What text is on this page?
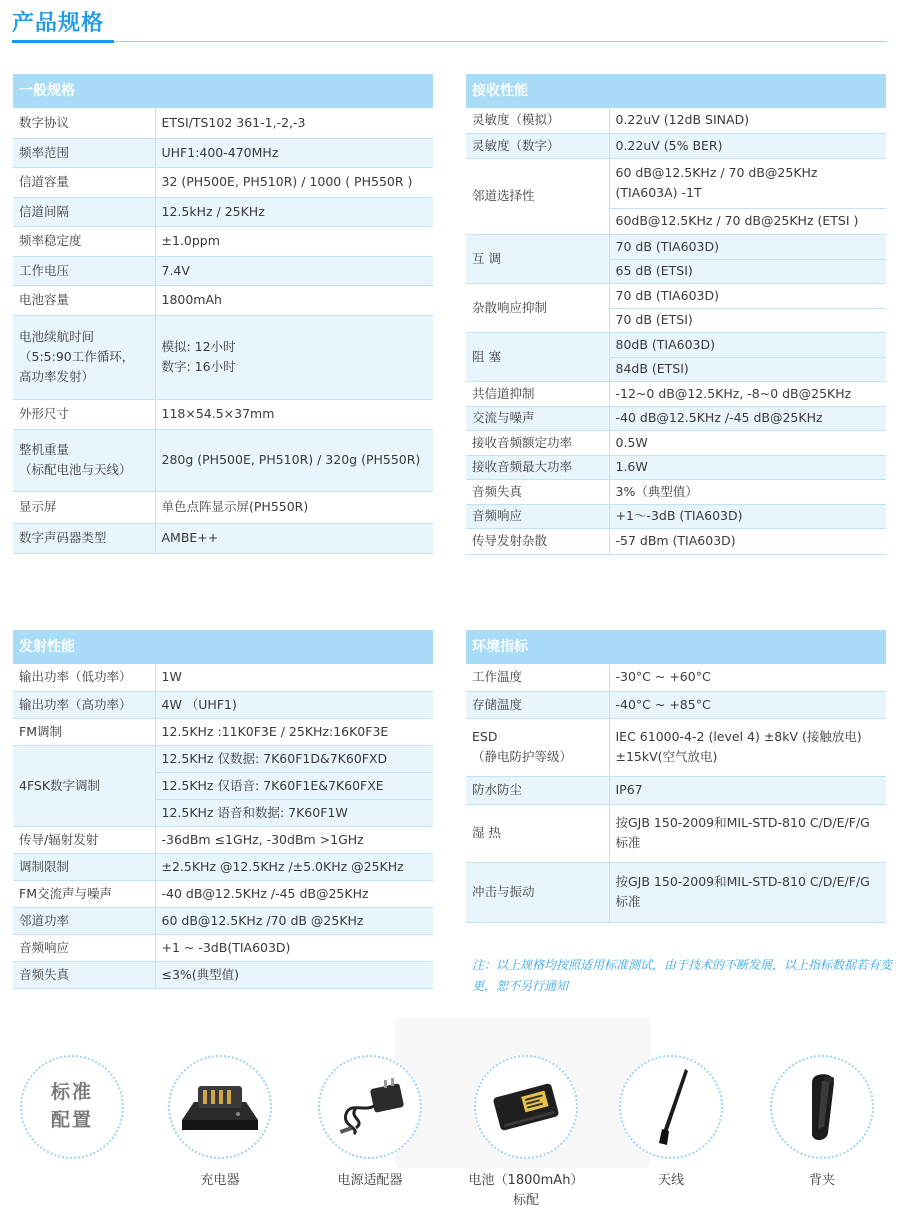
产品规格
一般规格	
数字协议	ETSI/TS102 361-1,-2,-3
频率范围	UHF1:400-470MHz
信道容量	32 (PH500E, PH510R) / 1000 ( PH550R )
信道间隔	12.5kHz / 25KHz
频率稳定度	±1.0ppm
工作电压	7.4V
电池容量	1800mAh
电池续航时间
（5:5:90工作循环，
高功率发射）	模拟: 12小时
数字: 16小时
外形尺寸	118×54.5×37mm
整机重量
（标配电池与天线）	280g (PH500E, PH510R) / 320g (PH550R)
显示屏	单色点阵显示屏(PH550R)
数字声码器类型	AMBE++
接收性能	
灵敏度（模拟）	0.22uV (12dB SINAD)
灵敏度（数字）	0.22uV (5% BER)
邻道选择性	60 dB@12.5KHz / 70 dB@25KHz
(TIA603A) -1T
	60dB@12.5KHz / 70 dB@25KHz (ETSI )
互 调	70 dB (TIA603D)
	65 dB (ETSI)
杂散响应抑制	70 dB (TIA603D)
	70 dB (ETSI)
阻 塞	80dB (TIA603D)
	84dB (ETSI)
共信道抑制	-12~0 dB@12.5KHz, -8~0 dB@25KHz
交流与噪声	-40 dB@12.5KHz /-45 dB@25KHz
接收音频额定功率	0.5W
接收音频最大功率	1.6W
音频失真	3%（典型值）
音频响应	+1〜-3dB (TIA603D)
传导发射杂散	-57 dBm (TIA603D)
发射性能	
输出功率（低功率）	1W
输出功率（高功率）	4W （UHF1)
FM调制	12.5KHz :11K0F3E / 25KHz:16K0F3E
4FSK数字调制	12.5KHz 仅数据: 7K60F1D&7K60FXD
	12.5KHz 仅语音: 7K60F1E&7K60FXE
	12.5KHz 语音和数据: 7K60F1W
传导/辐射发射	-36dBm ≤1GHz, -30dBm >1GHz
调制限制	±2.5KHz @12.5KHz /±5.0KHz @25KHz
FM交流声与噪声	-40 dB@12.5KHz /-45 dB@25KHz
邻道功率	60 dB@12.5KHz /70 dB @25KHz
音频响应	+1 ~ -3dB(TIA603D)
音频失真	≤3%(典型值)
环境指标	
工作温度	-30°C ~ +60°C
存储温度	-40°C ~ +85°C
ESD
（静电防护等级）	IEC 61000-4-2 (level 4) ±8kV (接触放电)
±15kV(空气放电)
防水防尘	IP67
湿 热	按GJB 150-2009和MIL-STD-810 C/D/E/F/G
标准
冲击与振动	按GJB 150-2009和MIL-STD-810 C/D/E/F/G
标准
注：以上规格均按照适用标准测试，由于技术的不断发展，以上指标数据若有变更，恕不另行通知
标准
配置
充电器	电源适配器	电池（1800mAh）
标配
天线	背夹
